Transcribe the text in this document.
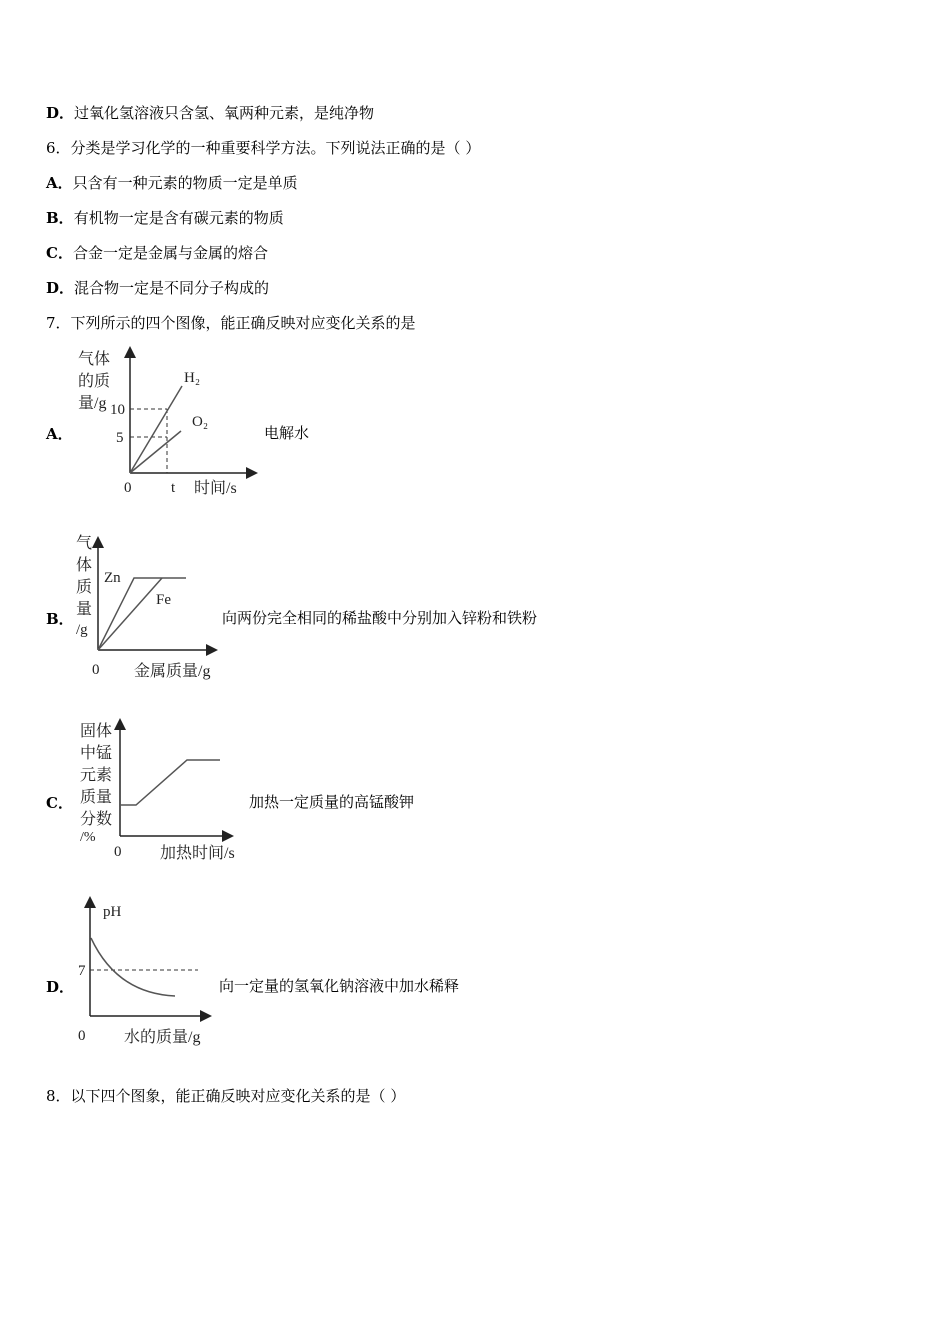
D．过氧化氢溶液只含氢、氧两种元素，是纯净物
6．分类是学习化学的一种重要科学方法。下列说法正确的是（ ）
A．只含有一种元素的物质一定是单质
B．有机物一定是含有碳元素的物质
C．合金一定是金属与金属的熔合
D．混合物一定是不同分子构成的
7．下列所示的四个图像，能正确反映对应变化关系的是
A．
气体
的质
量/g 10
5
H₂
O₂
0	t 时间/s
电解水
B．
气
体
质
量
/g
Zn
Fe
0 金属质量/g
向两份完全相同的稀盐酸中分别加入锌粉和铁粉
C．
固体
中锰
元素
质量
分数
/%
0 加热时间/s
加热一定质量的高锰酸钾
D．
pH
7
0 水的质量/g
向一定量的氢氧化钠溶液中加水稀释
8．以下四个图象，能正确反映对应变化关系的是（ ）
